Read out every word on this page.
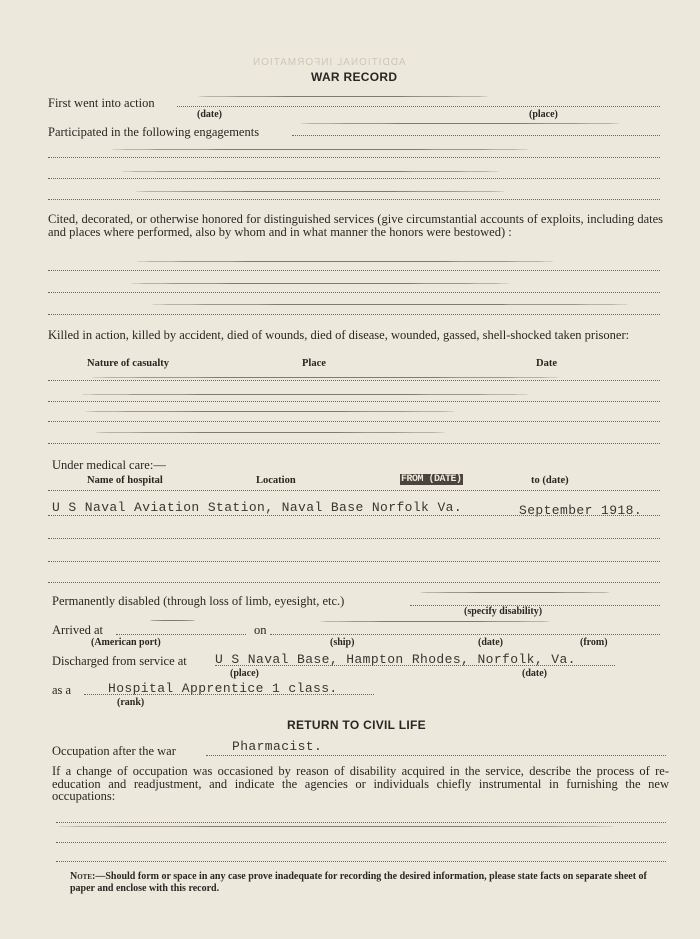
ADDITIONAL INFORMATION
WAR RECORD
First went into action
(date)	(place)
Participated in the following engagements
Cited, decorated, or otherwise honored for distinguished services (give circumstantial accounts of exploits, including dates and places where performed, also by whom and in what manner the honors were bestowed) :
Killed in action, killed by accident, died of wounds, died of disease, wounded, gassed, shell-shocked taken prisoner:
Nature of casualty	Place	Date
Under medical care:—
Name of hospital	Location	FROM (DATE)	to (date)
U S Naval Aviation Station, Naval Base Norfolk Va.	September 1918.
Permanently disabled (through loss of limb, eyesight, etc.)
(specify disability)
Arrived at	on
(American port)	(ship)	(date)	(from)
Discharged from service at U S Naval Base, Hampton Rhodes, Norfolk, Va.
(place)	(date)
as a	Hospital Apprentice 1 class.
(rank)
RETURN TO CIVIL LIFE
Occupation after the war	Pharmacist.
If a change of occupation was occasioned by reason of disability acquired in the service, describe the process of re-education and readjustment, and indicate the agencies or individuals chiefly instrumental in furnishing the new occupations:
Note:—Should form or space in any case prove inadequate for recording the desired information, please state facts on separate sheet of paper and enclose with this record.
